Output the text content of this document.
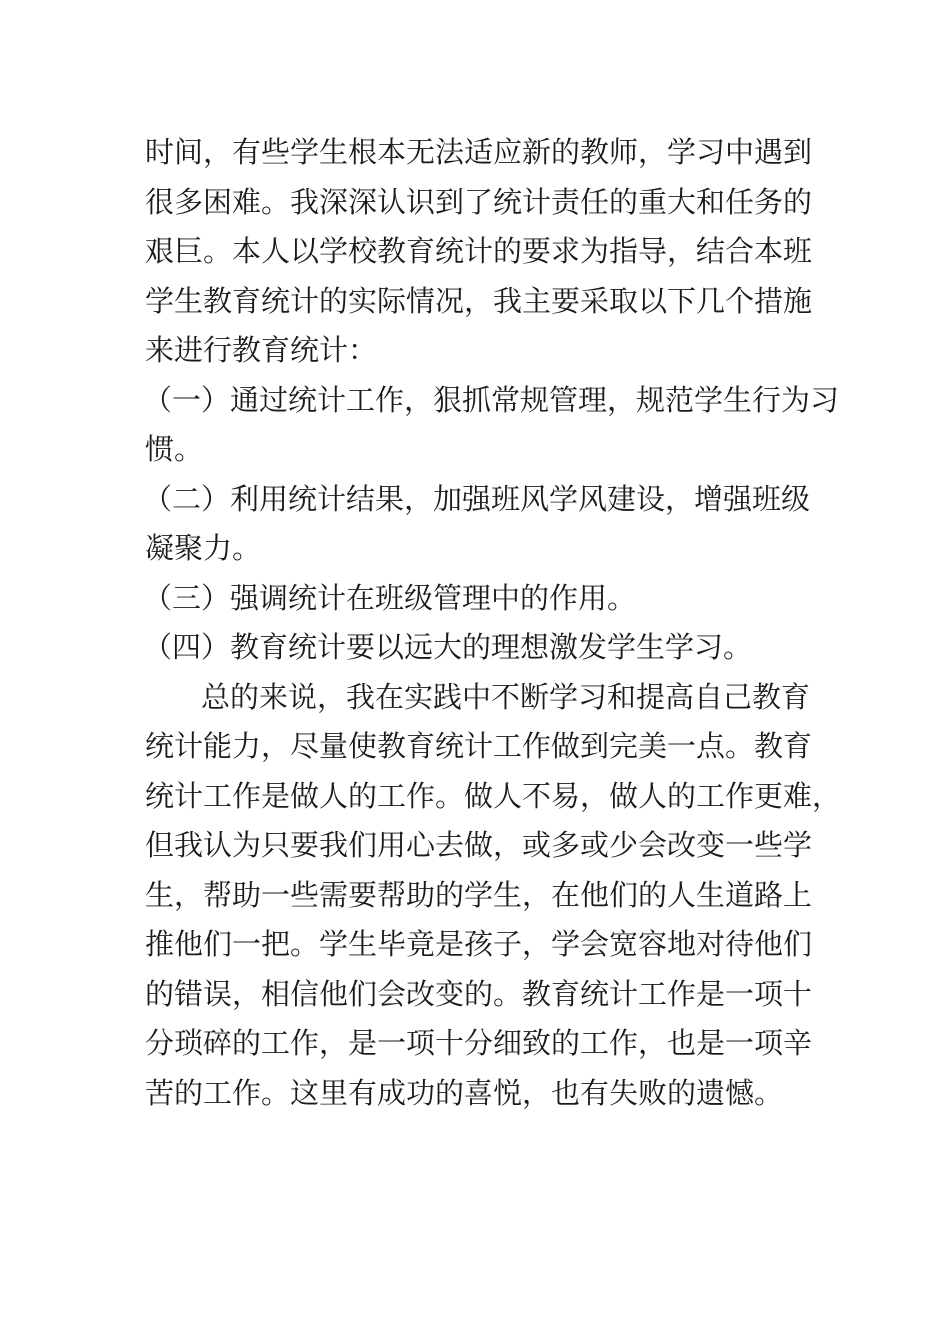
时间，有些学生根本无法适应新的教师，学习中遇到
很多困难。我深深认识到了统计责任的重大和任务的
艰巨。本人以学校教育统计的要求为指导，结合本班
学生教育统计的实际情况，我主要采取以下几个措施
来进行教育统计：
（一）通过统计工作，狠抓常规管理，规范学生行为习
惯。
（二）利用统计结果，加强班风学风建设，增强班级
凝聚力。
（三）强调统计在班级管理中的作用。
（四）教育统计要以远大的理想激发学生学习。
总的来说，我在实践中不断学习和提高自己教育
统计能力，尽量使教育统计工作做到完美一点。教育
统计工作是做人的工作。做人不易，做人的工作更难，
但我认为只要我们用心去做，或多或少会改变一些学
生，帮助一些需要帮助的学生，在他们的人生道路上
推他们一把。学生毕竟是孩子，学会宽容地对待他们
的错误，相信他们会改变的。教育统计工作是一项十
分琐碎的工作，是一项十分细致的工作，也是一项辛
苦的工作。这里有成功的喜悦，也有失败的遗憾。
